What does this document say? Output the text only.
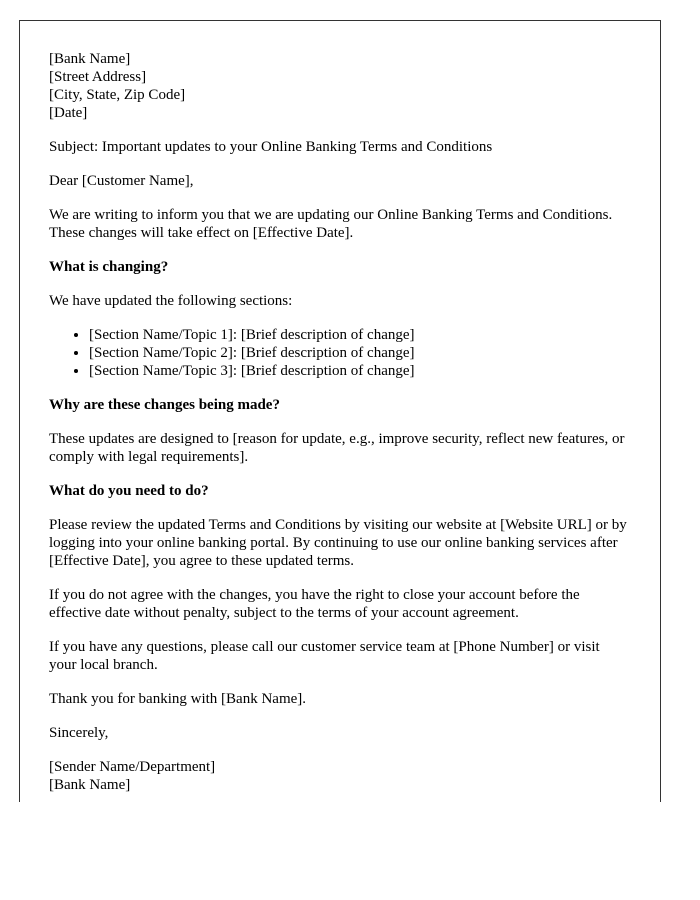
[Bank Name]
[Street Address]
[City, State, Zip Code]
[Date]

Subject: Important updates to your Online Banking Terms and Conditions

Dear [Customer Name],

We are writing to inform you that we are updating our Online Banking Terms and Conditions. These changes will take effect on [Effective Date].

What is changing?

We have updated the following sections:

• [Section Name/Topic 1]: [Brief description of change]
• [Section Name/Topic 2]: [Brief description of change]
• [Section Name/Topic 3]: [Brief description of change]

Why are these changes being made?

These updates are designed to [reason for update, e.g., improve security, reflect new features, or comply with legal requirements].

What do you need to do?

Please review the updated Terms and Conditions by visiting our website at [Website URL] or by logging into your online banking portal. By continuing to use our online banking services after [Effective Date], you agree to these updated terms.

If you do not agree with the changes, you have the right to close your account before the effective date without penalty, subject to the terms of your account agreement.

If you have any questions, please call our customer service team at [Phone Number] or visit your local branch.

Thank you for banking with [Bank Name].

Sincerely,

[Sender Name/Department]
[Bank Name]
